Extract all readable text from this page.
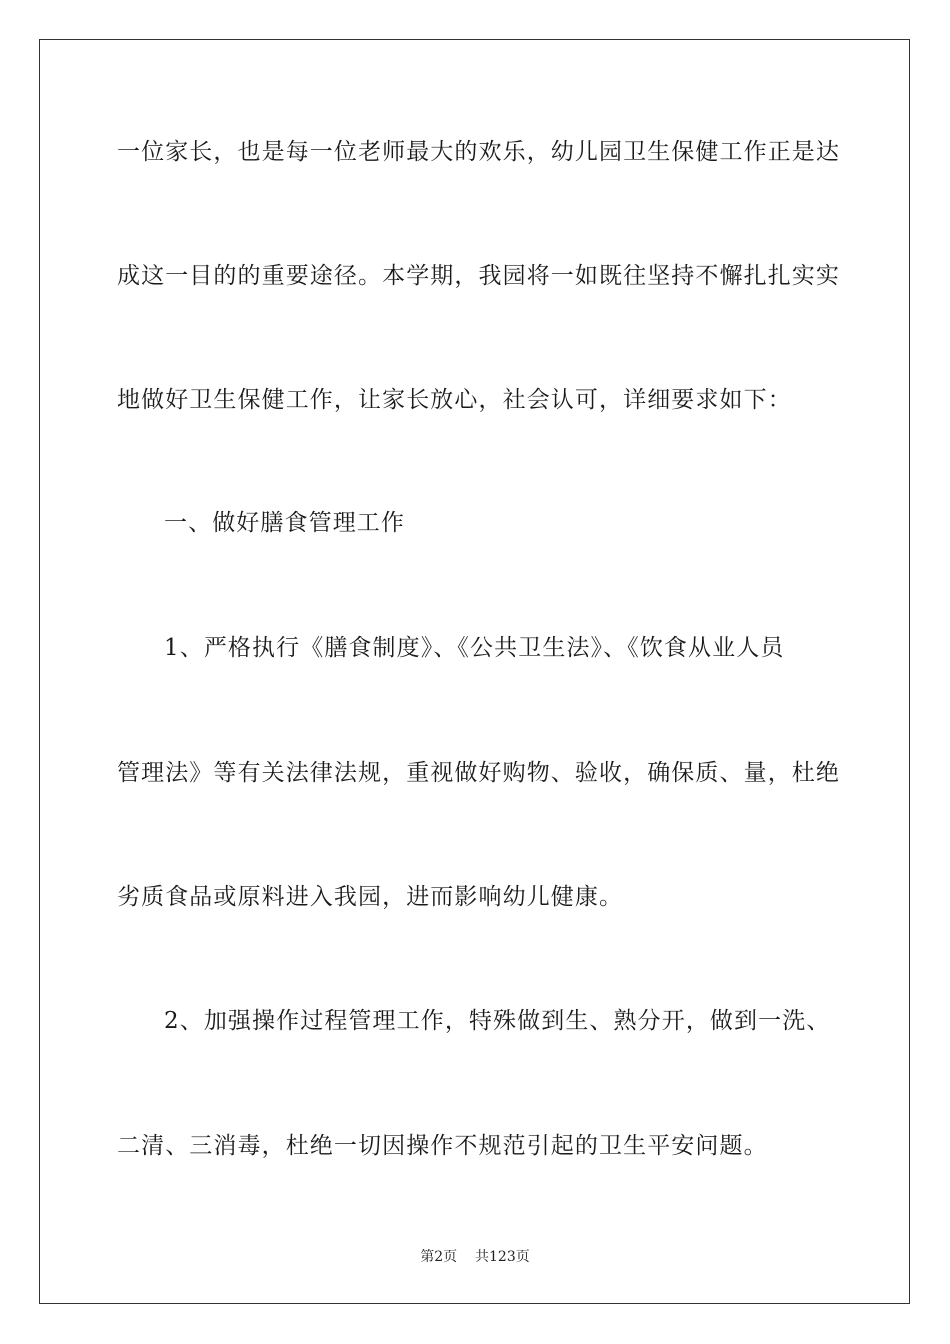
一位家长，也是每一位老师最大的欢乐，幼儿园卫生保健工作正是达
成这一目的的重要途径。本学期，我园将一如既往坚持不懈扎扎实实
地做好卫生保健工作，让家长放心，社会认可，详细要求如下：
一、做好膳食管理工作
1、严格执行《膳食制度》、《公共卫生法》、《饮食从业人员
管理法》等有关法律法规，重视做好购物、验收，确保质、量，杜绝
劣质食品或原料进入我园，进而影响幼儿健康。
2、加强操作过程管理工作，特殊做到生、熟分开，做到一洗、
二清、三消毒，杜绝一切因操作不规范引起的卫生平安问题。
第2页 共123页
